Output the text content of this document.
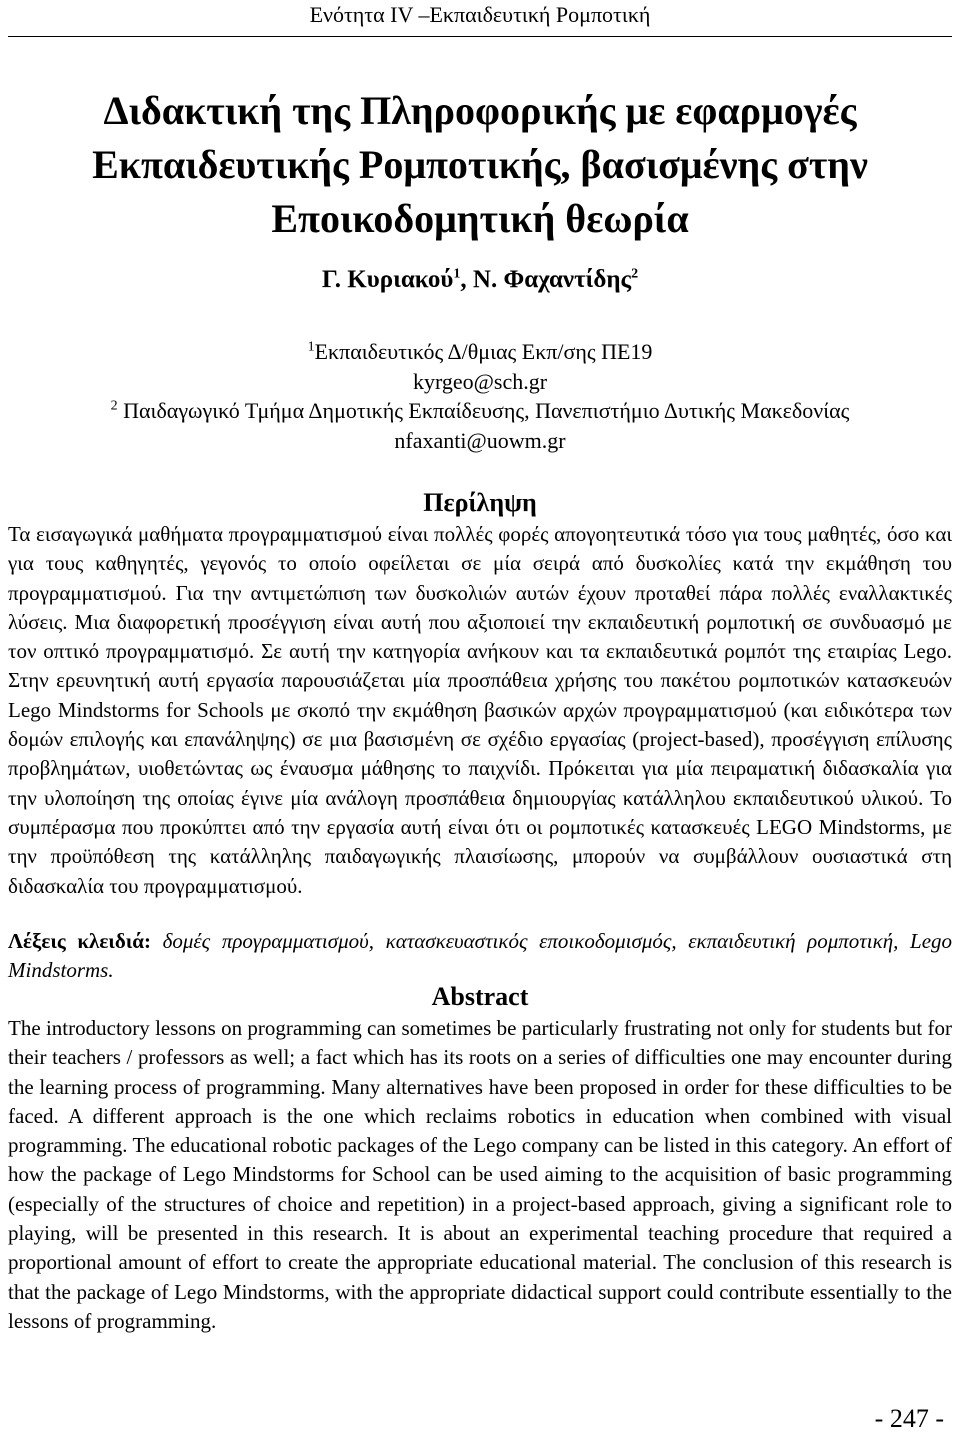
Ενότητα IV –Εκπαιδευτική Ρομποτική
Διδακτική της Πληροφορικής με εφαρμογές
Εκπαιδευτικής Ρομποτικής, βασισμένης στην
Εποικοδομητική θεωρία
Γ. Κυριακού$^1$, Ν. Φαχαντίδης$^2$
$^1$Εκπαιδευτικός Δ/θμιας Εκπ/σης ΠΕ19
kyrgeo@sch.gr
$^2$ Παιδαγωγικό Τμήμα Δημοτικής Εκπαίδευσης, Πανεπιστήμιο Δυτικής Μακεδονίας
nfaxanti@uowm.gr
Περίληψη

Τα εισαγωγικά μαθήματα προγραμματισμού είναι πολλές φορές απογοητευτικά τόσο για τους μαθητές, όσο και για τους καθηγητές, γεγονός το οποίο οφείλεται σε μία σειρά από δυσκολίες κατά την εκμάθηση του προγραμματισμού. Για την αντιμετώπιση των δυσκολιών αυτών έχουν προταθεί πάρα πολλές εναλλακτικές λύσεις. Μια διαφορετική προσέγγιση είναι αυτή που αξιοποιεί την εκπαιδευτική ρομποτική σε συνδυασμό με τον οπτικό προγραμματισμό. Σε αυτή την κατηγορία ανήκουν και τα εκπαιδευτικά ρομπότ της εταιρίας Lego. Στην ερευνητική αυτή εργασία παρουσιάζεται μία προσπάθεια χρήσης του πακέτου ρομποτικών κατασκευών Lego Mindstorms for Schools με σκοπό την εκμάθηση βασικών αρχών προγραμματισμού (και ειδικότερα των δομών επιλογής και επανάληψης) σε μια βασισμένη σε σχέδιο εργασίας (project-based), προσέγγιση επίλυσης προβλημάτων, υιοθετώντας ως έναυσμα μάθησης το παιχνίδι. Πρόκειται για μία πειραματική διδασκαλία για την υλοποίηση της οποίας έγινε μία ανάλογη προσπάθεια δημιουργίας κατάλληλου εκπαιδευτικού υλικού. Το συμπέρασμα που προκύπτει από την εργασία αυτή είναι ότι οι ρομποτικές κατασκευές LEGO Mindstorms, με την προϋπόθεση της κατάλληλης παιδαγωγικής πλαισίωσης, μπορούν να συμβάλλουν ουσιαστικά στη διδασκαλία του προγραμματισμού.

Λέξεις κλειδιά: δομές προγραμματισμού, κατασκευαστικός εποικοδομισμός, εκπαιδευτική ρομποτική, Lego Mindstorms.

Abstract

The introductory lessons on programming can sometimes be particularly frustrating not only for students but for their teachers / professors as well; a fact which has its roots on a series of difficulties one may encounter during the learning process of programming. Many alternatives have been proposed in order for these difficulties to be faced. A different approach is the one which reclaims robotics in education when combined with visual programming. The educational robotic packages of the Lego company can be listed in this category. An effort of how the package of Lego Mindstorms for School can be used aiming to the acquisition of basic programming (especially of the structures of choice and repetition) in a project-based approach, giving a significant role to playing, will be presented in this research. It is about an experimental teaching procedure that required a proportional amount of effort to create the appropriate educational material. The conclusion of this research is that the package of Lego Mindstorms, with the appropriate didactical support could contribute essentially to the lessons of programming.

- 247 -
